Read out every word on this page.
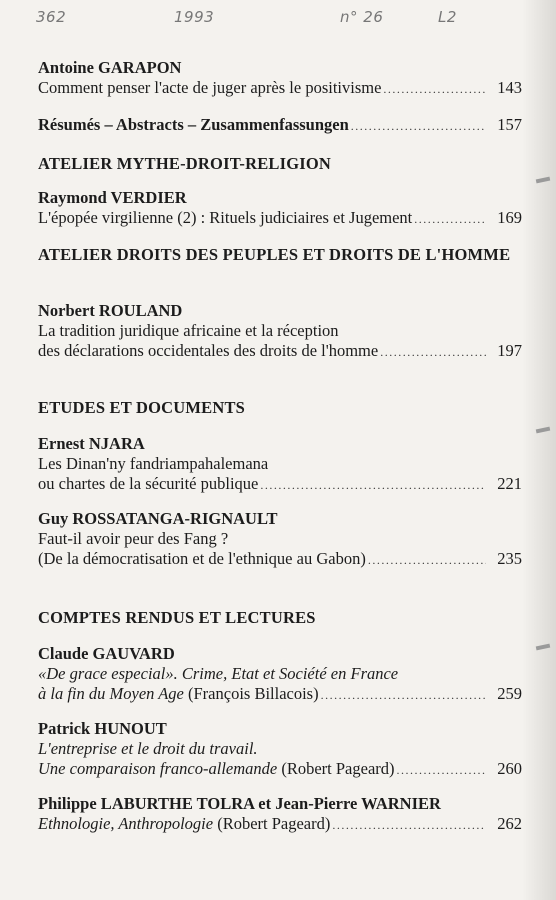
362	1993	n° 26	L2
Antoine GARAPON
Comment penser l'acte de juger après le positivisme .....	143
Résumés – Abstracts – Zusammenfassungen .....	157
ATELIER MYTHE-DROIT-RELIGION
Raymond VERDIER
L'épopée virgilienne (2) : Rituels judiciaires et Jugement .....	169
ATELIER DROITS DES PEUPLES ET DROITS DE L'HOMME
Norbert ROULAND
La tradition juridique africaine et la réception
des déclarations occidentales des droits de l'homme .....	197
ETUDES ET DOCUMENTS
Ernest NJARA
Les Dinan'ny fandriampahalemana
ou chartes de la sécurité publique .....	221
Guy ROSSATANGA-RIGNAULT
Faut-il avoir peur des Fang ?
(De la démocratisation et de l'ethnique au Gabon) .....	235
COMPTES RENDUS ET LECTURES
Claude GAUVARD
«De grace especial». Crime, Etat et Société en France
à la fin du Moyen Age (François Billacois) .....	259
Patrick HUNOUT
L'entreprise et le droit du travail.
Une comparaison franco-allemande (Robert Pageard) .....	260
Philippe LABURTHE TOLRA et Jean-Pierre WARNIER
Ethnologie, Anthropologie (Robert Pageard) .....	262
